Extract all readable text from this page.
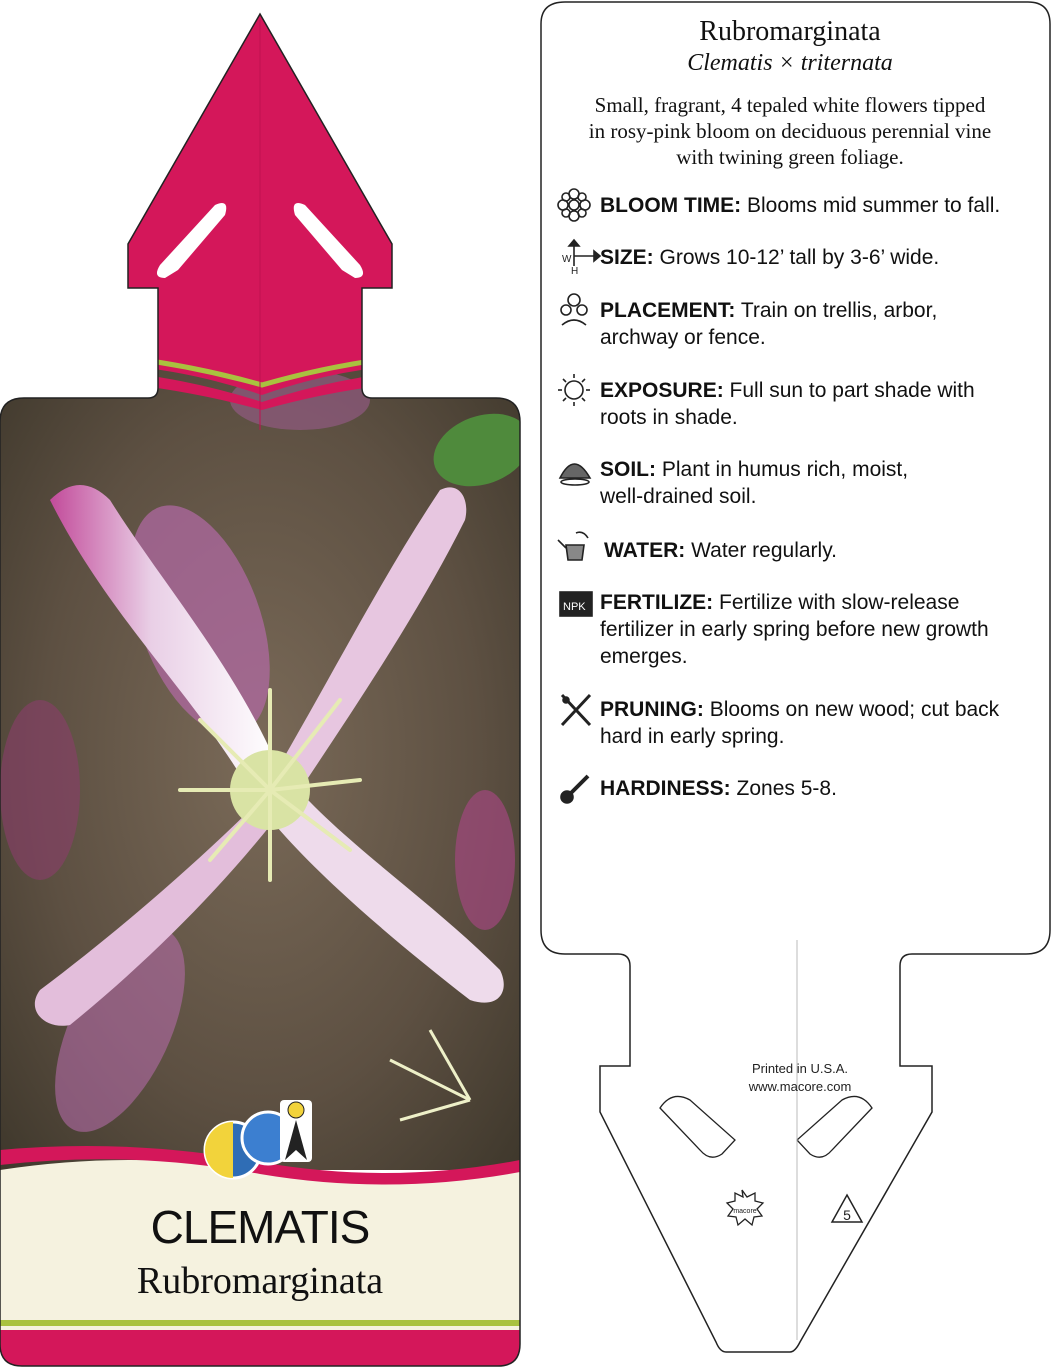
macore	5
W
H
NPK
CLEMATIS
Rubromarginata
Rubromarginata
Clematis × triternata
Small, fragrant, 4 tepaled white flowers tipped
in rosy-pink bloom on deciduous perennial vine
with twining green foliage.
BLOOM TIME: Blooms mid summer to fall.
SIZE: Grows 10-12’ tall by 3-6’ wide.
PLACEMENT: Train on trellis, arbor,
archway or fence.
EXPOSURE: Full sun to part shade with
roots in shade.
SOIL: Plant in humus rich, moist,
well-drained soil.
WATER: Water regularly.
FERTILIZE: Fertilize with slow-release
fertilizer in early spring before new growth
emerges.
PRUNING: Blooms on new wood; cut back
hard in early spring.
HARDINESS: Zones 5-8.
Printed in U.S.A.
www.macore.com
